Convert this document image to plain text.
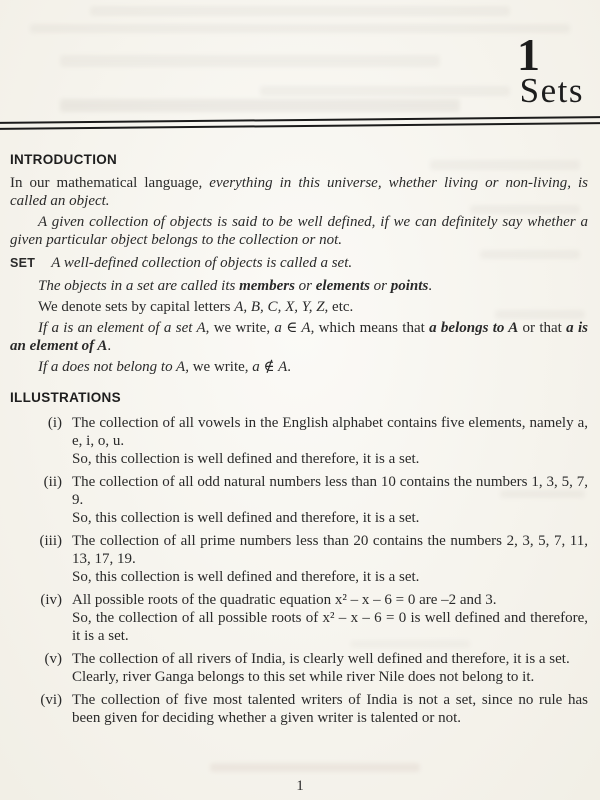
1
Sets
INTRODUCTION

In our mathematical language, everything in this universe, whether living or non-living, is called an object.

A given collection of objects is said to be well defined, if we can definitely say whether a given particular object belongs to the collection or not.

SET A well-defined collection of objects is called a set.

The objects in a set are called its members or elements or points.

We denote sets by capital letters A, B, C, X, Y, Z, etc.

If a is an element of a set A, we write, a ∈ A, which means that a belongs to A or that a is an element of A.

If a does not belong to A, we write, a ∉ A.

ILLUSTRATIONS
(i) The collection of all vowels in the English alphabet contains five elements, namely a, e, i, o, u.
So, this collection is well defined and therefore, it is a set.
(ii) The collection of all odd natural numbers less than 10 contains the numbers 1, 3, 5, 7, 9.
So, this collection is well defined and therefore, it is a set.
(iii) The collection of all prime numbers less than 20 contains the numbers 2, 3, 5, 7, 11, 13, 17, 19.
So, this collection is well defined and therefore, it is a set.
(iv) All possible roots of the quadratic equation x² – x – 6 = 0 are –2 and 3.
So, the collection of all possible roots of x² – x – 6 = 0 is well defined and therefore, it is a set.
(v) The collection of all rivers of India, is clearly well defined and therefore, it is a set.
Clearly, river Ganga belongs to this set while river Nile does not belong to it.
(vi) The collection of five most talented writers of India is not a set, since no rule has been given for deciding whether a given writer is talented or not.
1
